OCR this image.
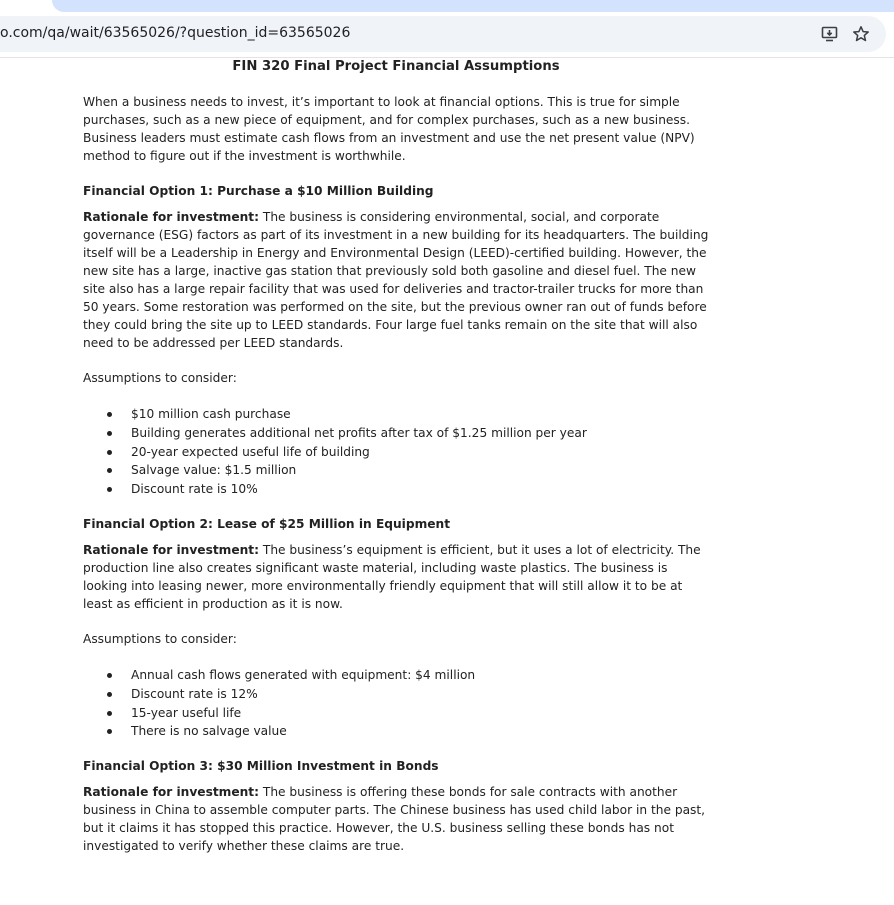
o.com/qa/wait/63565026/?question_id=63565026

FIN 320 Final Project Financial Assumptions

When a business needs to invest, it’s important to look at financial options. This is true for simple purchases, such as a new piece of equipment, and for complex purchases, such as a new business. Business leaders must estimate cash flows from an investment and use the net present value (NPV) method to figure out if the investment is worthwhile.

Financial Option 1: Purchase a $10 Million Building

Rationale for investment: The business is considering environmental, social, and corporate governance (ESG) factors as part of its investment in a new building for its headquarters. The building itself will be a Leadership in Energy and Environmental Design (LEED)-certified building. However, the new site has a large, inactive gas station that previously sold both gasoline and diesel fuel. The new site also has a large repair facility that was used for deliveries and tractor-trailer trucks for more than 50 years. Some restoration was performed on the site, but the previous owner ran out of funds before they could bring the site up to LEED standards. Four large fuel tanks remain on the site that will also need to be addressed per LEED standards.

Assumptions to consider:

$10 million cash purchase
Building generates additional net profits after tax of $1.25 million per year
20-year expected useful life of building
Salvage value: $1.5 million
Discount rate is 10%

Financial Option 2: Lease of $25 Million in Equipment

Rationale for investment: The business’s equipment is efficient, but it uses a lot of electricity. The production line also creates significant waste material, including waste plastics. The business is looking into leasing newer, more environmentally friendly equipment that will still allow it to be at least as efficient in production as it is now.

Assumptions to consider:

Annual cash flows generated with equipment: $4 million
Discount rate is 12%
15-year useful life
There is no salvage value

Financial Option 3: $30 Million Investment in Bonds

Rationale for investment: The business is offering these bonds for sale contracts with another business in China to assemble computer parts. The Chinese business has used child labor in the past, but it claims it has stopped this practice. However, the U.S. business selling these bonds has not investigated to verify whether these claims are true.
